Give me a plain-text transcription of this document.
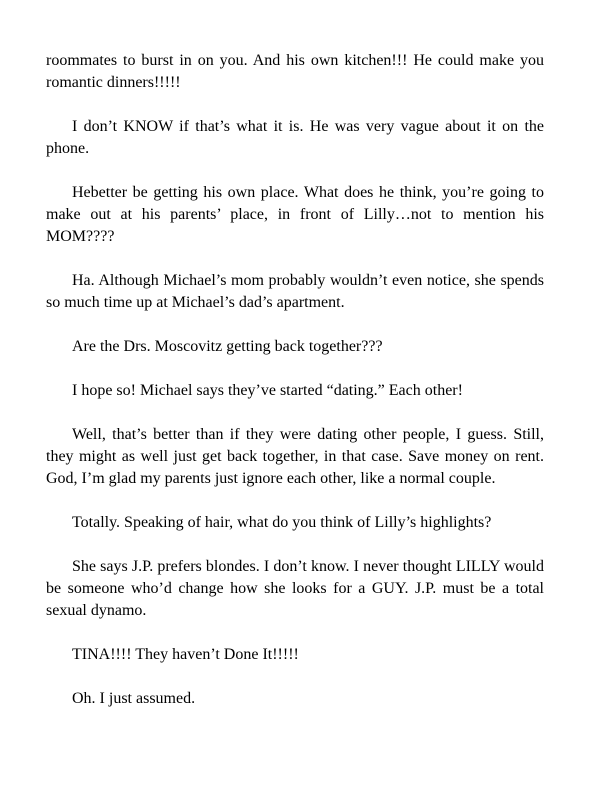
roommates to burst in on you. And his own kitchen!!! He could make you romantic dinners!!!!!

I don’t KNOW if that’s what it is. He was very vague about it on the phone.

Hebetter be getting his own place. What does he think, you’re going to make out at his parents’ place, in front of Lilly…not to mention his MOM????

Ha. Although Michael’s mom probably wouldn’t even notice, she spends so much time up at Michael’s dad’s apartment.

Are the Drs. Moscovitz getting back together???

I hope so! Michael says they’ve started “dating.” Each other!

Well, that’s better than if they were dating other people, I guess. Still, they might as well just get back together, in that case. Save money on rent. God, I’m glad my parents just ignore each other, like a normal couple.

Totally. Speaking of hair, what do you think of Lilly’s highlights?

She says J.P. prefers blondes. I don’t know. I never thought LILLY would be someone who’d change how she looks for a GUY. J.P. must be a total sexual dynamo.

TINA!!!! They haven’t Done It!!!!!

Oh. I just assumed.
